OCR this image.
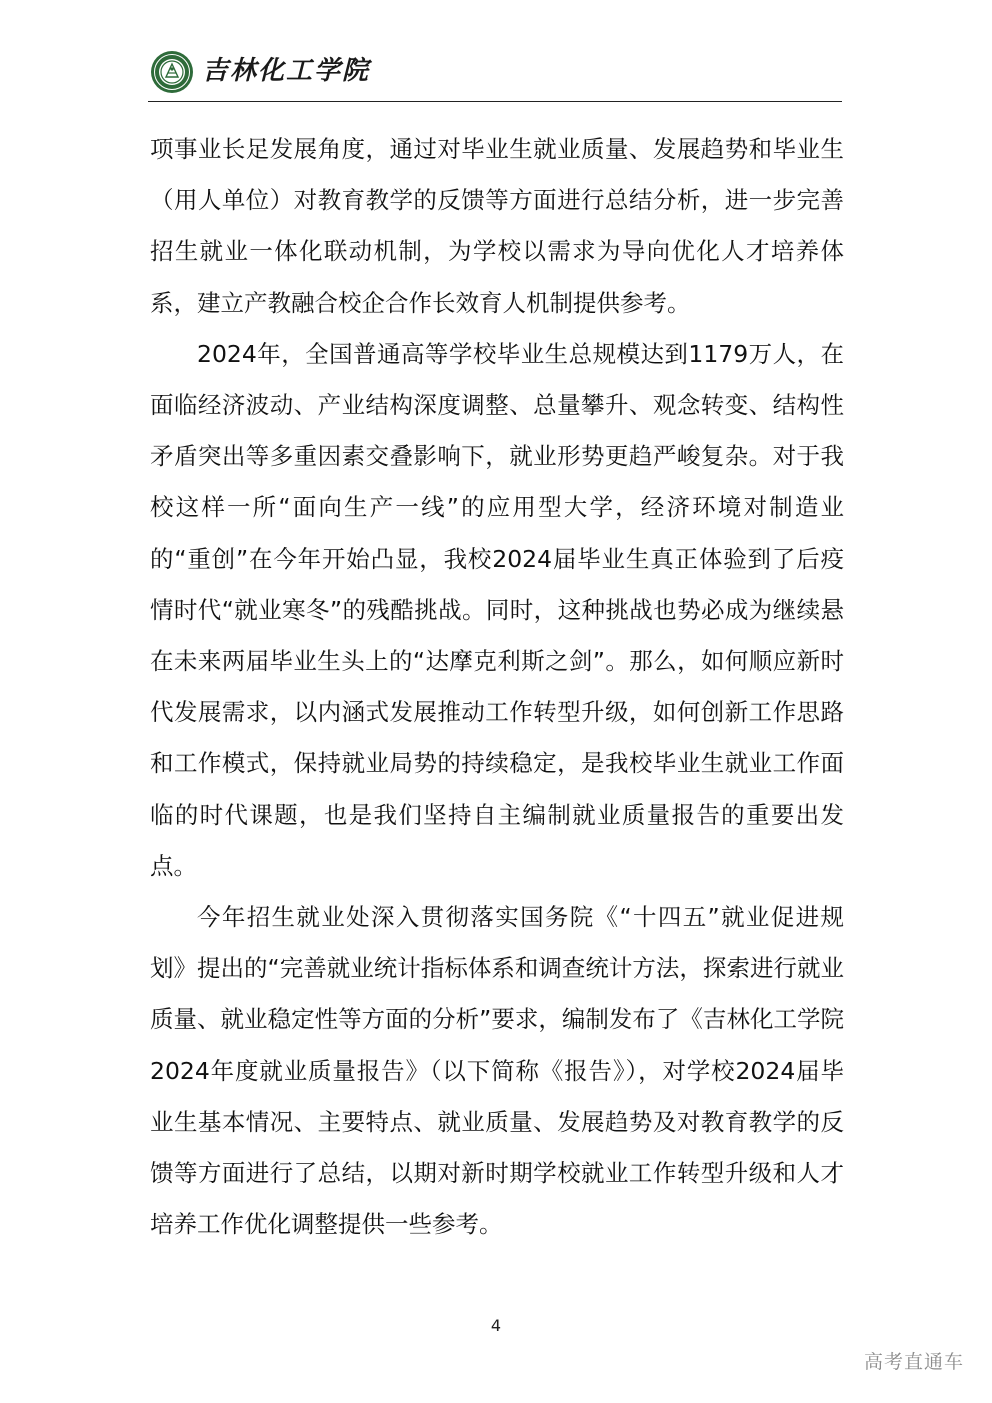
吉林化工学院

项事业长足发展角度，通过对毕业生就业质量、发展趋势和毕业生（用人单位）对教育教学的反馈等方面进行总结分析，进一步完善招生就业一体化联动机制，为学校以需求为导向优化人才培养体系，建立产教融合校企合作长效育人机制提供参考。

2024年，全国普通高等学校毕业生总规模达到1179万人，在面临经济波动、产业结构深度调整、总量攀升、观念转变、结构性矛盾突出等多重因素交叠影响下，就业形势更趋严峻复杂。对于我校这样一所“面向生产一线”的应用型大学，经济环境对制造业的“重创”在今年开始凸显，我校2024届毕业生真正体验到了后疫情时代“就业寒冬”的残酷挑战。同时，这种挑战也势必成为继续悬在未来两届毕业生头上的“达摩克利斯之剑”。那么，如何顺应新时代发展需求，以内涵式发展推动工作转型升级，如何创新工作思路和工作模式，保持就业局势的持续稳定，是我校毕业生就业工作面临的时代课题，也是我们坚持自主编制就业质量报告的重要出发点。

今年招生就业处深入贯彻落实国务院《“十四五”就业促进规划》提出的“完善就业统计指标体系和调查统计方法，探索进行就业质量、就业稳定性等方面的分析”要求，编制发布了《吉林化工学院2024年度就业质量报告》（以下简称《报告》），对学校2024届毕业生基本情况、主要特点、就业质量、发展趋势及对教育教学的反馈等方面进行了总结，以期对新时期学校就业工作转型升级和人才培养工作优化调整提供一些参考。

4
高考直通车
